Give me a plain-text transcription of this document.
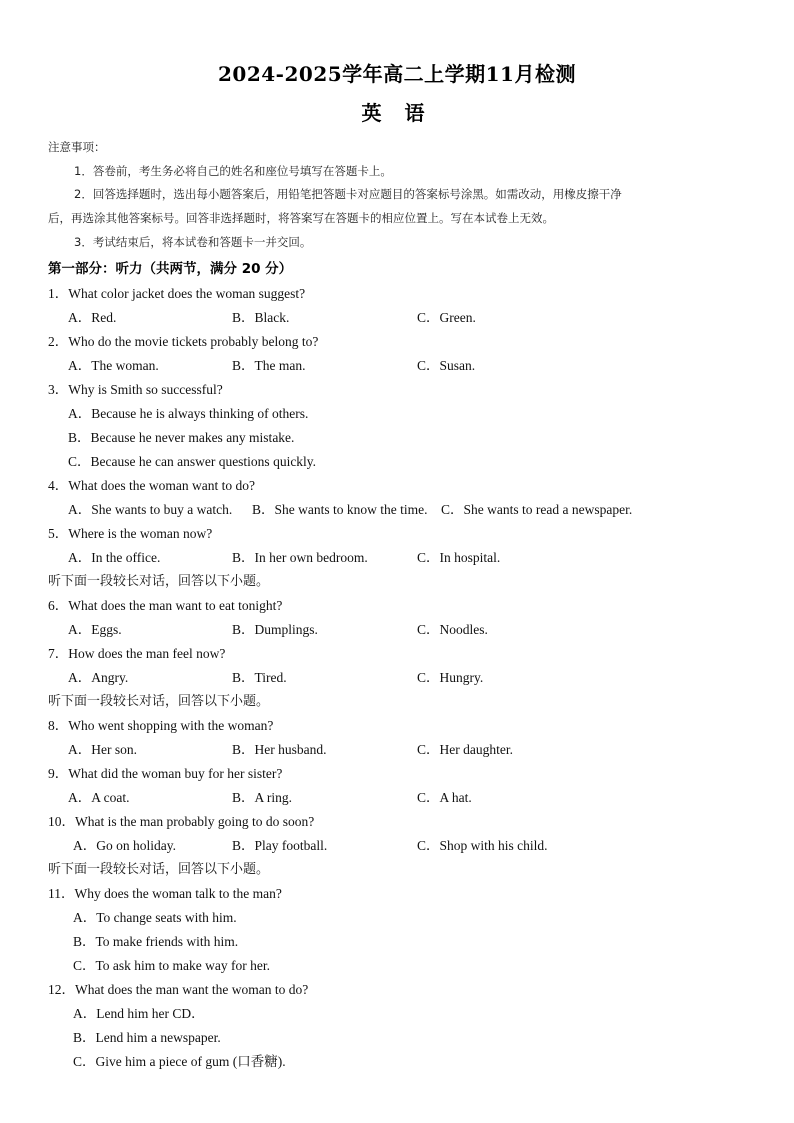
2024-2025学年高二上学期11月检测
英 语
注意事项：
1．答卷前，考生务必将自己的姓名和座位号填写在答题卡上。
2．回答选择题时，选出每小题答案后，用铅笔把答题卡对应题目的答案标号涂黑。如需改动，用橡皮擦干净
后，再选涂其他答案标号。回答非选择题时，将答案写在答题卡的相应位置上。写在本试卷上无效。
3．考试结束后，将本试卷和答题卡一并交回。
第一部分：听力（共两节，满分 20 分）
1．What color jacket does the woman suggest?
A．Red.	B．Black.	C．Green.
2．Who do the movie tickets probably belong to?
A．The woman.	B．The man.	C．Susan.
3．Why is Smith so successful?
A．Because he is always thinking of others.
B．Because he never makes any mistake.
C．Because he can answer questions quickly.
4．What does the woman want to do?
A．She wants to buy a watch. B．She wants to know the time. C．She wants to read a newspaper.
5．Where is the woman now?
A．In the office.	B．In her own bedroom.	C．In hospital.
听下面一段较长对话，回答以下小题。
6．What does the man want to eat tonight?
A．Eggs.	B．Dumplings.	C．Noodles.
7．How does the man feel now?
A．Angry.	B．Tired.	C．Hungry.
听下面一段较长对话，回答以下小题。
8．Who went shopping with the woman?
A．Her son.	B．Her husband.	C．Her daughter.
9．What did the woman buy for her sister?
A．A coat.	B．A ring.	C．A hat.
10．What is the man probably going to do soon?
A．Go on holiday.	B．Play football.	C．Shop with his child.
听下面一段较长对话，回答以下小题。
11．Why does the woman talk to the man?
A．To change seats with him.
B．To make friends with him.
C．To ask him to make way for her.
12．What does the man want the woman to do?
A．Lend him her CD．
B．Lend him a newspaper.
C．Give him a piece of gum (口香糖).
